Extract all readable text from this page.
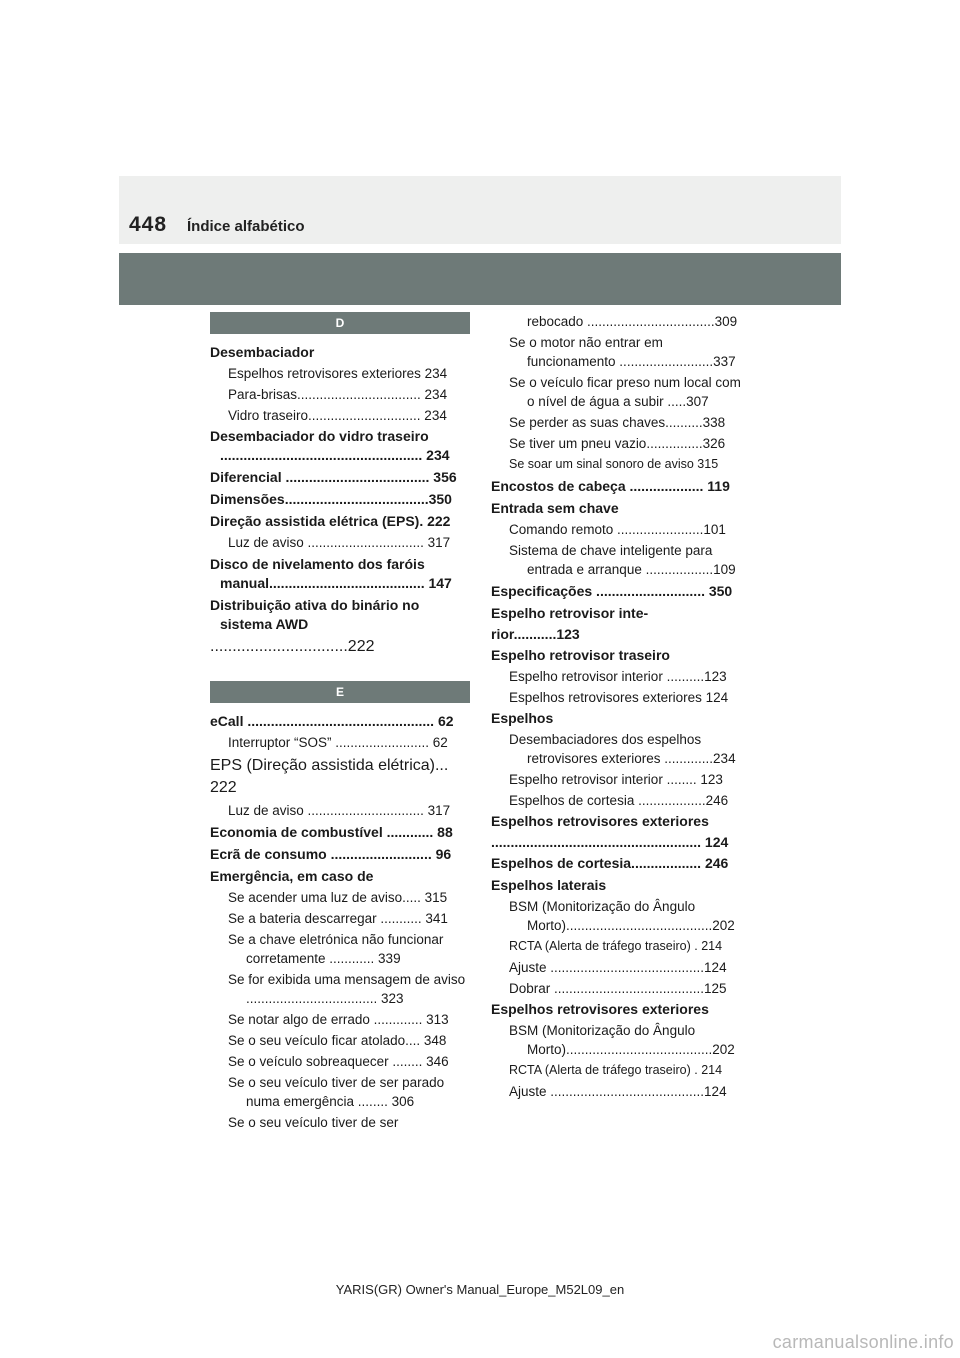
448 Índice alfabético
D
Desembaciador
Espelhos retrovisores exteriores 234
Para-brisas................................. 234
Vidro traseiro.............................. 234
Desembaciador do vidro traseiro .................................................... 234
Diferencial ..................................... 356
Dimensões.....................................350
Direção assistida elétrica (EPS). 222
Luz de aviso ............................... 317
Disco de nivelamento dos faróis manual........................................ 147
Distribuição ativa do binário no sistema AWD
...............................222
E
eCall ................................................ 62
Interruptor “SOS” ......................... 62
EPS (Direção assistida elétrica)... 222
Luz de aviso ............................... 317
Economia de combustível ............ 88
Ecrã de consumo .......................... 96
Emergência, em caso de
Se acender uma luz de aviso..... 315
Se a bateria descarregar ........... 341
Se a chave eletrónica não funcionar corretamente ............ 339
Se for exibida uma mensagem de aviso ................................... 323
Se notar algo de errado ............. 313
Se o seu veículo ficar atolado.... 348
Se o veículo sobreaquecer ........ 346
Se o seu veículo tiver de ser parado numa emergência ........ 306
Se o seu veículo tiver de ser
rebocado ..................................309
Se o motor não entrar em funcionamento .........................337
Se o veículo ficar preso num local com o nível de água a subir .....307
Se perder as suas chaves..........338
Se tiver um pneu vazio...............326
Se soar um sinal sonoro de aviso 315
Encostos de cabeça ................... 119
Entrada sem chave
Comando remoto .......................101
Sistema de chave inteligente para entrada e arranque ..................109
Especificações ............................ 350
Espelho retrovisor inte-
rior...........123
Espelho retrovisor traseiro
Espelho retrovisor interior ..........123
Espelhos retrovisores exteriores 124
Espelhos
Desembaciadores dos espelhos retrovisores exteriores .............234
Espelho retrovisor interior ........ 123
Espelhos de cortesia ..................246
Espelhos retrovisores exteriores
...................................................... 124
Espelhos de cortesia.................. 246
Espelhos laterais
BSM (Monitorização do Ângulo Morto).......................................202
RCTA (Alerta de tráfego traseiro) . 214
Ajuste .........................................124
Dobrar ........................................125
Espelhos retrovisores exteriores
BSM (Monitorização do Ângulo Morto).......................................202
RCTA (Alerta de tráfego traseiro) . 214
Ajuste .........................................124
YARIS(GR) Owner's Manual_Europe_M52L09_en
carmanualsonline.info
